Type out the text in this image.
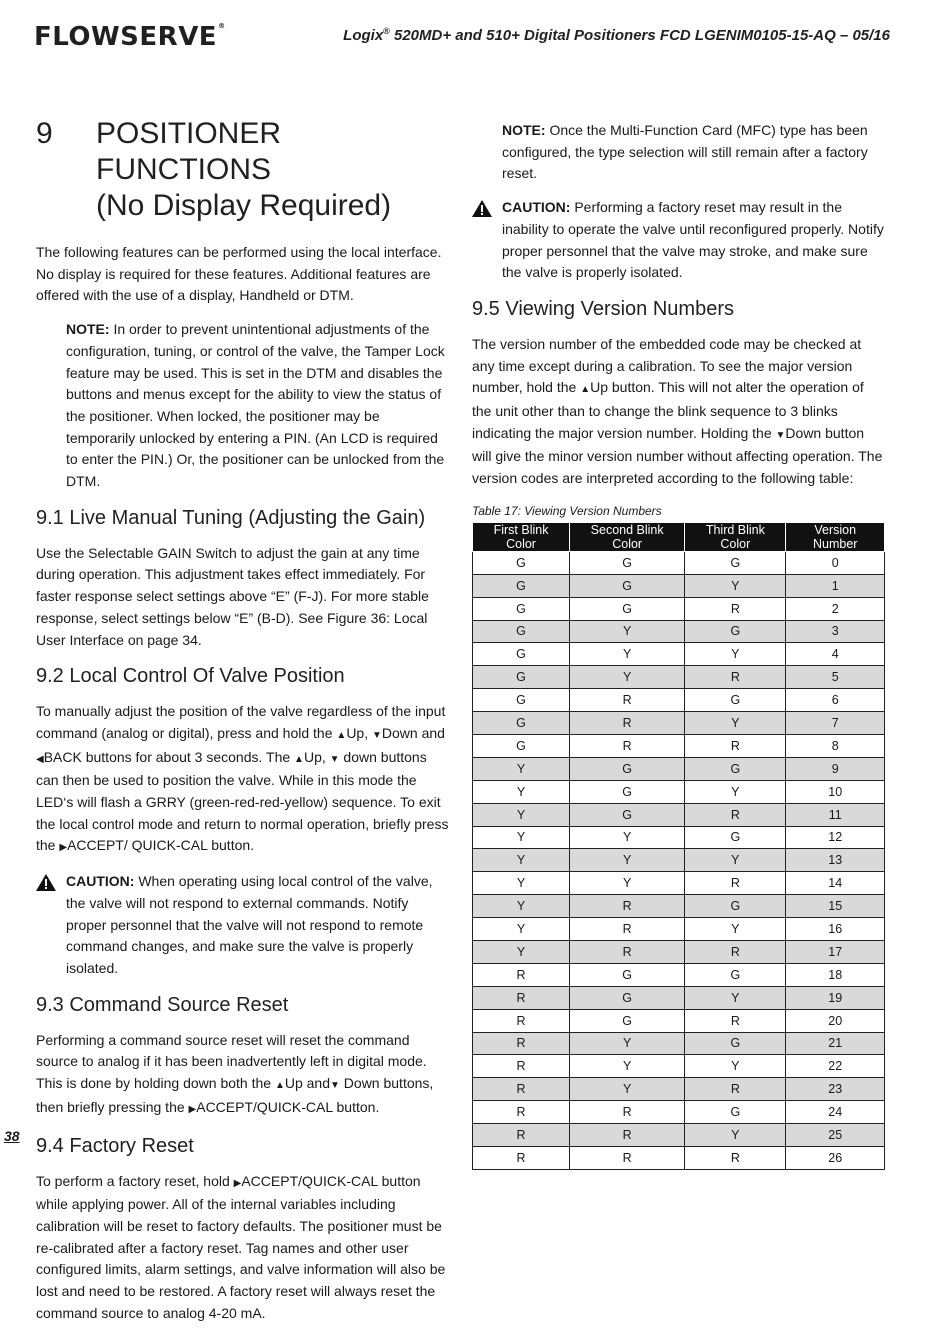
FLOWSERVE®
Logix® 520MD+ and 510+ Digital Positioners FCD LGENIM0105-15-AQ – 05/16
38
9	POSITIONER FUNCTIONS
(No Display Required)

The following features can be performed using the local interface. No display is required for these features. Additional features are offered with the use of a display, Handheld or DTM.

NOTE: In order to prevent unintentional adjustments of the configuration, tuning, or control of the valve, the Tamper Lock feature may be used. This is set in the DTM and disables the buttons and menus except for the ability to view the status of the positioner. When locked, the positioner may be temporarily unlocked by entering a PIN. (An LCD is required to enter the PIN.) Or, the positioner can be unlocked from the DTM.

9.1 Live Manual Tuning (Adjusting the Gain)

Use the Selectable GAIN Switch to adjust the gain at any time during operation. This adjustment takes effect immediately. For faster response select settings above “E” (F-J). For more stable response, select settings below “E” (B-D). See Figure 36: Local User Interface on page 34.

9.2 Local Control Of Valve Position

To manually adjust the position of the valve regardless of the input command (analog or digital), press and hold the ▲Up, ▼Down and ◀BACK buttons for about 3 seconds. The ▲Up, ▼ down buttons can then be used to position the valve. While in this mode the LED‘s will flash a GRRY (green-red-red-yellow) sequence. To exit the local control mode and return to normal operation, briefly press the ▶ACCEPT/ QUICK-CAL button.

CAUTION: When operating using local control of the valve, the valve will not respond to external commands. Notify proper personnel that the valve will not respond to remote command changes, and make sure the valve is properly isolated.
9.3 Command Source Reset

Performing a command source reset will reset the command source to analog if it has been inadvertently left in digital mode. This is done by holding down both the ▲Up and▼ Down buttons, then briefly pressing the ▶ACCEPT/QUICK-CAL button.

9.4 Factory Reset

To perform a factory reset, hold ▶ACCEPT/QUICK-CAL button while applying power. All of the internal variables including calibration will be reset to factory defaults. The positioner must be re-calibrated after a factory reset. Tag names and other user configured limits, alarm settings, and valve information will also be lost and need to be restored. A factory reset will always reset the command source to analog 4-20 mA.

NOTE: Once the Multi-Function Card (MFC) type has been configured, the type selection will still remain after a factory reset.

CAUTION: Performing a factory reset may result in the inability to operate the valve until reconfigured properly. Notify proper personnel that the valve may stroke, and make sure the valve is properly isolated.
9.5 Viewing Version Numbers

The version number of the embedded code may be checked at any time except during a calibration. To see the major version number, hold the ▲Up button. This will not alter the operation of the unit other than to change the blink sequence to 3 blinks indicating the major version number. Holding the ▼Down button will give the minor version number without affecting operation. The version codes are interpreted according to the following table:

Table 17: Viewing Version Numbers
First Blink Color	Second Blink Color	Third Blink Color	Version Number
G	G	G	0
G	G	Y	1
G	G	R	2
G	Y	G	3
G	Y	Y	4
G	Y	R	5
G	R	G	6
G	R	Y	7
G	R	R	8
Y	G	G	9
Y	G	Y	10
Y	G	R	11
Y	Y	G	12
Y	Y	Y	13
Y	Y	R	14
Y	R	G	15
Y	R	Y	16
Y	R	R	17
R	G	G	18
R	G	Y	19
R	G	R	20
R	Y	G	21
R	Y	Y	22
R	Y	R	23
R	R	G	24
R	R	Y	25
R	R	R	26
